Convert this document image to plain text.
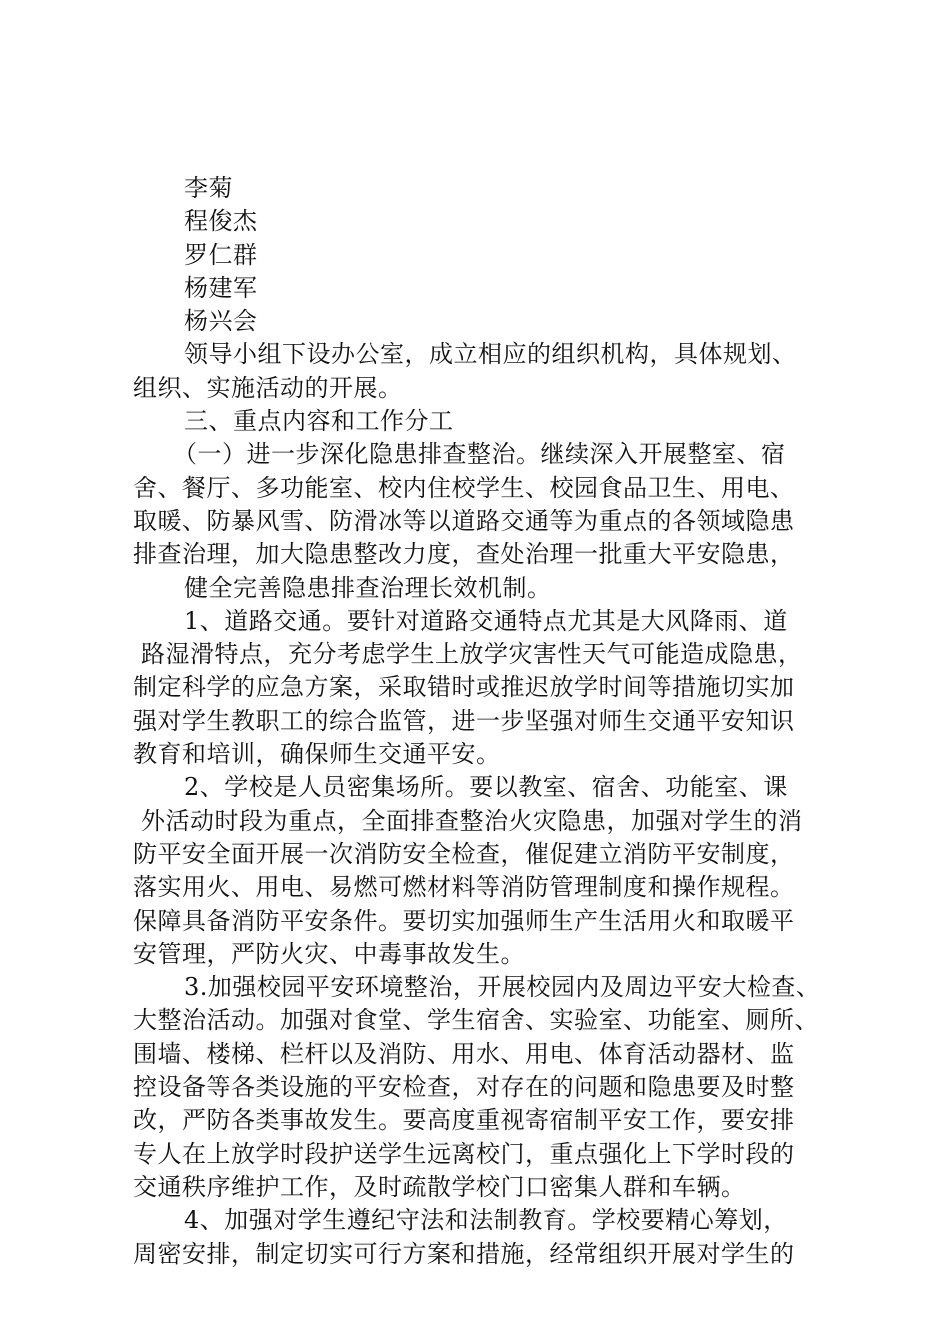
李菊
程俊杰
罗仁群
杨建军
杨兴会
领导小组下设办公室，成立相应的组织机构，具体规划、
组织、实施活动的开展。
三、重点内容和工作分工
（一）进一步深化隐患排查整治。继续深入开展整室、宿
舍、餐厅、多功能室、校内住校学生、校园食品卫生、用电、
取暖、防暴风雪、防滑冰等以道路交通等为重点的各领域隐患
排查治理，加大隐患整改力度，查处治理一批重大平安隐患，
健全完善隐患排查治理长效机制。
1、道路交通。要针对道路交通特点尤其是大风降雨、道
路湿滑特点，充分考虑学生上放学灾害性天气可能造成隐患，
制定科学的应急方案，采取错时或推迟放学时间等措施切实加
强对学生教职工的综合监管，进一步坚强对师生交通平安知识
教育和培训，确保师生交通平安。
2、学校是人员密集场所。要以教室、宿舍、功能室、课
外活动时段为重点，全面排查整治火灾隐患，加强对学生的消
防平安全面开展一次消防安全检查，催促建立消防平安制度，
落实用火、用电、易燃可燃材料等消防管理制度和操作规程。
保障具备消防平安条件。要切实加强师生产生活用火和取暖平
安管理，严防火灾、中毒事故发生。
3.加强校园平安环境整治，开展校园内及周边平安大检查、
大整治活动。加强对食堂、学生宿舍、实验室、功能室、厕所、
围墙、楼梯、栏杆以及消防、用水、用电、体育活动器材、监
控设备等各类设施的平安检查，对存在的问题和隐患要及时整
改，严防各类事故发生。要高度重视寄宿制平安工作，要安排
专人在上放学时段护送学生远离校门，重点强化上下学时段的
交通秩序维护工作，及时疏散学校门口密集人群和车辆。
4、加强对学生遵纪守法和法制教育。学校要精心筹划，
周密安排，制定切实可行方案和措施，经常组织开展对学生的
